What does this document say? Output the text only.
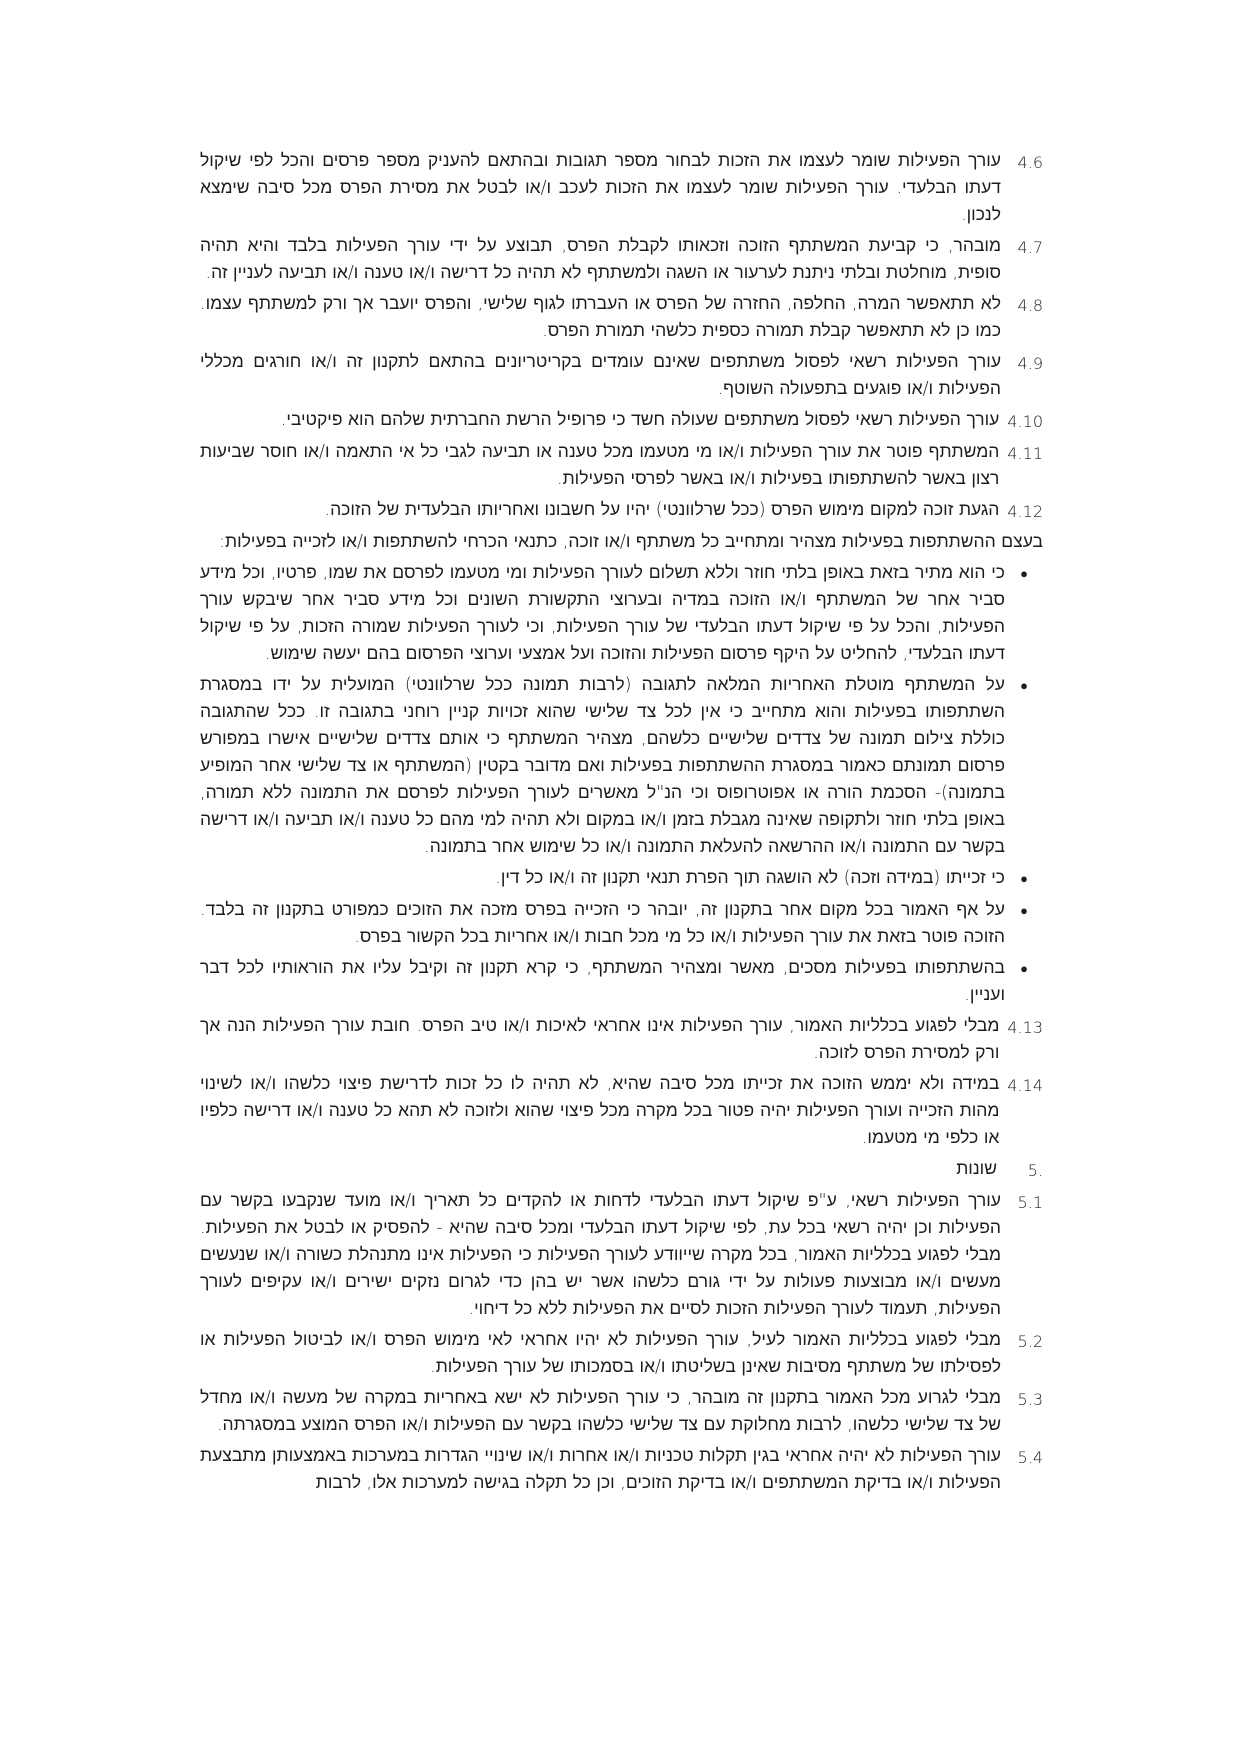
4.6
עורך הפעילות שומר לעצמו את הזכות לבחור מספר תגובות ובהתאם להעניק מספר פרסים והכל לפי שיקול דעתו הבלעדי. עורך הפעילות שומר לעצמו את הזכות לעכב ו/או לבטל את מסירת הפרס מכל סיבה שימצא לנכון.
4.7
מובהר, כי קביעת המשתתף הזוכה וזכאותו לקבלת הפרס, תבוצע על ידי עורך הפעילות בלבד והיא תהיה סופית, מוחלטת ובלתי ניתנת לערעור או השגה ולמשתתף לא תהיה כל דרישה ו/או טענה ו/או תביעה לעניין זה.
4.8
לא תתאפשר המרה, החלפה, החזרה של הפרס או העברתו לגוף שלישי, והפרס יועבר אך ורק למשתתף עצמו. כמו כן לא תתאפשר קבלת תמורה כספית כלשהי תמורת הפרס.
4.9
עורך הפעילות רשאי לפסול משתתפים שאינם עומדים בקריטריונים בהתאם לתקנון זה ו/או חורגים מכללי הפעילות ו/או פוגעים בתפעולה השוטף.
4.10
עורך הפעילות רשאי לפסול משתתפים שעולה חשד כי פרופיל הרשת החברתית שלהם הוא פיקטיבי.
4.11
המשתתף פוטר את עורך הפעילות ו/או מי מטעמו מכל טענה או תביעה לגבי כל אי התאמה ו/או חוסר שביעות רצון באשר להשתתפותו בפעילות ו/או באשר לפרסי הפעילות.
4.12
הגעת זוכה למקום מימוש הפרס (ככל שרלוונטי) יהיו על חשבונו ואחריותו הבלעדית של הזוכה.
בעצם ההשתתפות בפעילות מצהיר ומתחייב כל משתתף ו/או זוכה, כתנאי הכרחי להשתתפות ו/או לזכייה בפעילות:
●
כי הוא מתיר בזאת באופן בלתי חוזר וללא תשלום לעורך הפעילות ומי מטעמו לפרסם את שמו, פרטיו, וכל מידע סביר אחר של המשתתף ו/או הזוכה במדיה ובערוצי התקשורת השונים וכל מידע סביר אחר שיבקש עורך הפעילות, והכל על פי שיקול דעתו הבלעדי של עורך הפעילות, וכי לעורך הפעילות שמורה הזכות, על פי שיקול דעתו הבלעדי, להחליט על היקף פרסום הפעילות והזוכה ועל אמצעי וערוצי הפרסום בהם יעשה שימוש.
●
על המשתתף מוטלת האחריות המלאה לתגובה (לרבות תמונה ככל שרלוונטי) המועלית על ידו במסגרת השתתפותו בפעילות והוא מתחייב כי אין לכל צד שלישי שהוא זכויות קניין רוחני בתגובה זו. ככל שהתגובה כוללת צילום תמונה של צדדים שלישיים כלשהם, מצהיר המשתתף כי אותם צדדים שלישיים אישרו במפורש פרסום תמונתם כאמור במסגרת ההשתתפות בפעילות ואם מדובר בקטין (המשתתף או צד שלישי אחר המופיע בתמונה)- הסכמת הורה או אפוטרופוס וכי הנ"ל מאשרים לעורך הפעילות לפרסם את התמונה ללא תמורה, באופן בלתי חוזר ולתקופה שאינה מגבלת בזמן ו/או במקום ולא תהיה למי מהם כל טענה ו/או תביעה ו/או דרישה בקשר עם התמונה ו/או ההרשאה להעלאת התמונה ו/או כל שימוש אחר בתמונה.
●
כי זכייתו (במידה וזכה) לא הושגה תוך הפרת תנאי תקנון זה ו/או כל דין.
●
על אף האמור בכל מקום אחר בתקנון זה, יובהר כי הזכייה בפרס מזכה את הזוכים כמפורט בתקנון זה בלבד. הזוכה פוטר בזאת את עורך הפעילות ו/או כל מי מכל חבות ו/או אחריות בכל הקשור בפרס.
●
בהשתתפותו בפעילות מסכים, מאשר ומצהיר המשתתף, כי קרא תקנון זה וקיבל עליו את הוראותיו לכל דבר ועניין.
4.13
מבלי לפגוע בכלליות האמור, עורך הפעילות אינו אחראי לאיכות ו/או טיב הפרס. חובת עורך הפעילות הנה אך ורק למסירת הפרס לזוכה.
4.14
במידה ולא יממש הזוכה את זכייתו מכל סיבה שהיא, לא תהיה לו כל זכות לדרישת פיצוי כלשהו ו/או לשינוי מהות הזכייה ועורך הפעילות יהיה פטור בכל מקרה מכל פיצוי שהוא ולזוכה לא תהא כל טענה ו/או דרישה כלפיו או כלפי מי מטעמו.
5.
שונות
5.1
עורך הפעילות רשאי, ע"פ שיקול דעתו הבלעדי לדחות או להקדים כל תאריך ו/או מועד שנקבעו בקשר עם הפעילות וכן יהיה רשאי בכל עת, לפי שיקול דעתו הבלעדי ומכל סיבה שהיא - להפסיק או לבטל את הפעילות. מבלי לפגוע בכלליות האמור, בכל מקרה שייוודע לעורך הפעילות כי הפעילות אינו מתנהלת כשורה ו/או שנעשים מעשים ו/או מבוצעות פעולות על ידי גורם כלשהו אשר יש בהן כדי לגרום נזקים ישירים ו/או עקיפים לעורך הפעילות, תעמוד לעורך הפעילות הזכות לסיים את הפעילות ללא כל דיחוי.
5.2
מבלי לפגוע בכלליות האמור לעיל, עורך הפעילות לא יהיו אחראי לאי מימוש הפרס ו/או לביטול הפעילות או לפסילתו של משתתף מסיבות שאינן בשליטתו ו/או בסמכותו של עורך הפעילות.
5.3
מבלי לגרוע מכל האמור בתקנון זה מובהר, כי עורך הפעילות לא ישא באחריות במקרה של מעשה ו/או מחדל של צד שלישי כלשהו, לרבות מחלוקת עם צד שלישי כלשהו בקשר עם הפעילות ו/או הפרס המוצע במסגרתה.
5.4
עורך הפעילות לא יהיה אחראי בגין תקלות טכניות ו/או אחרות ו/או שינויי הגדרות במערכות באמצעותן מתבצעת הפעילות ו/או בדיקת המשתתפים ו/או בדיקת הזוכים, וכן כל תקלה בגישה למערכות אלו, לרבות
